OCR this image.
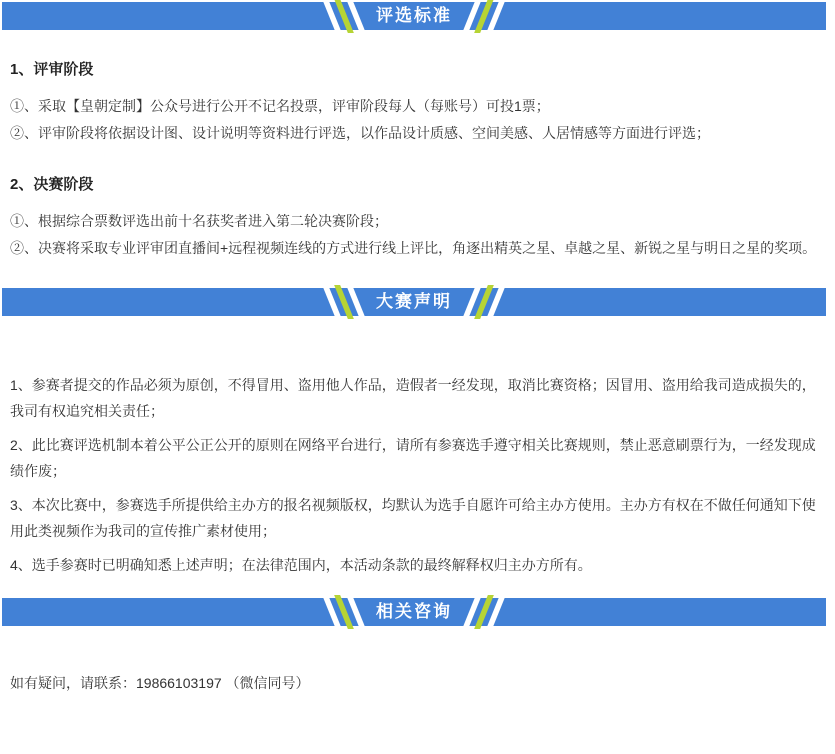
评选标准
1、评审阶段

①、采取【皇朝定制】公众号进行公开不记名投票，评审阶段每人（每账号）可投1票；

②、评审阶段将依据设计图、设计说明等资料进行评选，以作品设计质感、空间美感、人居情感等方面进行评选；

2、决赛阶段

①、根据综合票数评选出前十名获奖者进入第二轮决赛阶段；

②、决赛将采取专业评审团直播间+远程视频连线的方式进行线上评比，角逐出精英之星、卓越之星、新锐之星与明日之星的奖项。

大赛声明

1、参赛者提交的作品必须为原创，不得冒用、盗用他人作品，造假者一经发现，取消比赛资格；因冒用、盗用给我司造成损失的，我司有权追究相关责任；

2、此比赛评选机制本着公平公正公开的原则在网络平台进行，请所有参赛选手遵守相关比赛规则，禁止恶意刷票行为，一经发现成绩作废；

3、本次比赛中，参赛选手所提供给主办方的报名视频版权，均默认为选手自愿许可给主办方使用。主办方有权在不做任何通知下使用此类视频作为我司的宣传推广素材使用；

4、选手参赛时已明确知悉上述声明；在法律范围内，本活动条款的最终解释权归主办方所有。

相关咨询

如有疑问，请联系：19866103197 （微信同号）
